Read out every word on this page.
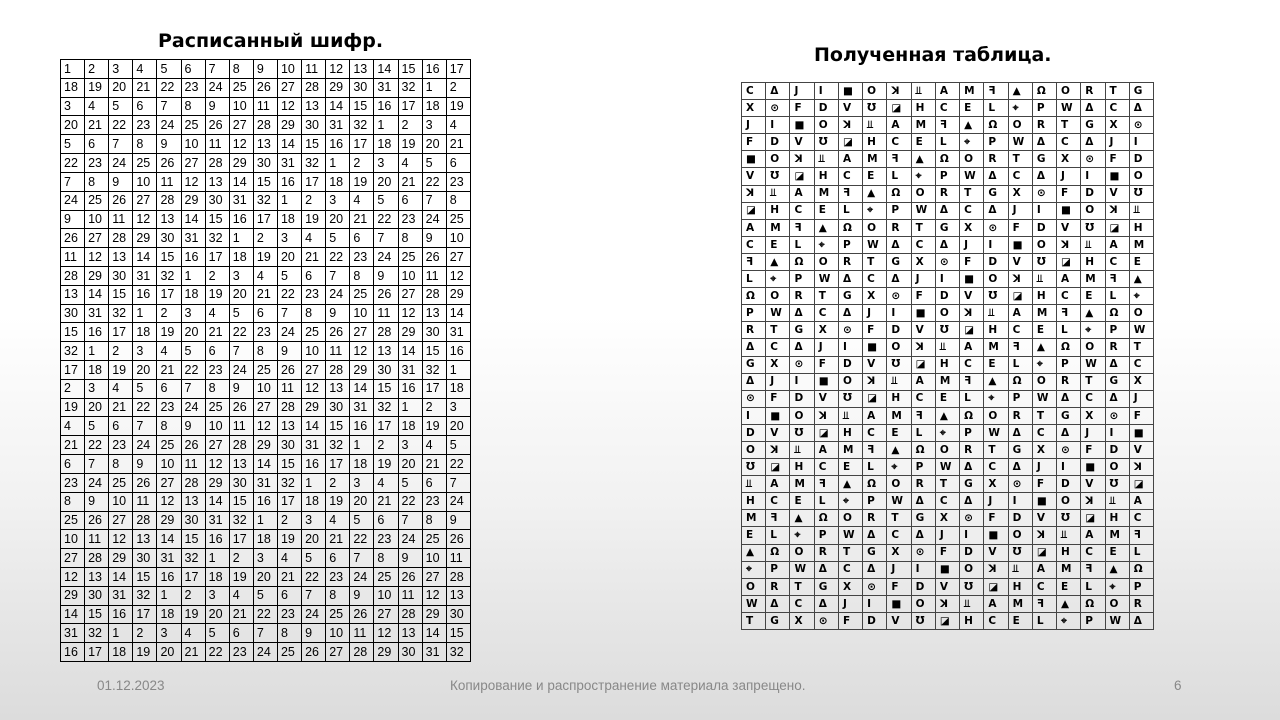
Расписанный шифр.
1	2	3	4	5	6	7	8	9	10	11	12	13	14	15	16	17
18	19	20	21	22	23	24	25	26	27	28	29	30	31	32	1	2
3	4	5	6	7	8	9	10	11	12	13	14	15	16	17	18	19
20	21	22	23	24	25	26	27	28	29	30	31	32	1	2	3	4
5	6	7	8	9	10	11	12	13	14	15	16	17	18	19	20	21
22	23	24	25	26	27	28	29	30	31	32	1	2	3	4	5	6
7	8	9	10	11	12	13	14	15	16	17	18	19	20	21	22	23
24	25	26	27	28	29	30	31	32	1	2	3	4	5	6	7	8
9	10	11	12	13	14	15	16	17	18	19	20	21	22	23	24	25
26	27	28	29	30	31	32	1	2	3	4	5	6	7	8	9	10
11	12	13	14	15	16	17	18	19	20	21	22	23	24	25	26	27
28	29	30	31	32	1	2	3	4	5	6	7	8	9	10	11	12
13	14	15	16	17	18	19	20	21	22	23	24	25	26	27	28	29
30	31	32	1	2	3	4	5	6	7	8	9	10	11	12	13	14
15	16	17	18	19	20	21	22	23	24	25	26	27	28	29	30	31
32	1	2	3	4	5	6	7	8	9	10	11	12	13	14	15	16
17	18	19	20	21	22	23	24	25	26	27	28	29	30	31	32	1
2	3	4	5	6	7	8	9	10	11	12	13	14	15	16	17	18
19	20	21	22	23	24	25	26	27	28	29	30	31	32	1	2	3
4	5	6	7	8	9	10	11	12	13	14	15	16	17	18	19	20
21	22	23	24	25	26	27	28	29	30	31	32	1	2	3	4	5
6	7	8	9	10	11	12	13	14	15	16	17	18	19	20	21	22
23	24	25	26	27	28	29	30	31	32	1	2	3	4	5	6	7
8	9	10	11	12	13	14	15	16	17	18	19	20	21	22	23	24
25	26	27	28	29	30	31	32	1	2	3	4	5	6	7	8	9
10	11	12	13	14	15	16	17	18	19	20	21	22	23	24	25	26
27	28	29	30	31	32	1	2	3	4	5	6	7	8	9	10	11
12	13	14	15	16	17	18	19	20	21	22	23	24	25	26	27	28
29	30	31	32	1	2	3	4	5	6	7	8	9	10	11	12	13
14	15	16	17	18	19	20	21	22	23	24	25	26	27	28	29	30
31	32	1	2	3	4	5	6	7	8	9	10	11	12	13	14	15
16	17	18	19	20	21	22	23	24	25	26	27	28	29	30	31	32
Полученная таблица.
C	Δ	J	I	■	O	ꓘ	⫫	A	M	ꟻ	▲	Ω	O	R	T	G
X	⊙	F	D	V	Ʊ	◪	H	C	E	L	⌖	P	W	Δ	C	Δ
J	I	■	O	ꓘ	⫫	A	M	ꟻ	▲	Ω	O	R	T	G	X	⊙
F	D	V	Ʊ	◪	H	C	E	L	⌖	P	W	Δ	C	Δ	J	I
■	O	ꓘ	⫫	A	M	ꟻ	▲	Ω	O	R	T	G	X	⊙	F	D
V	Ʊ	◪	H	C	E	L	⌖	P	W	Δ	C	Δ	J	I	■	O
ꓘ	⫫	A	M	ꟻ	▲	Ω	O	R	T	G	X	⊙	F	D	V	Ʊ
◪	H	C	E	L	⌖	P	W	Δ	C	Δ	J	I	■	O	ꓘ	⫫
A	M	ꟻ	▲	Ω	O	R	T	G	X	⊙	F	D	V	Ʊ	◪	H
C	E	L	⌖	P	W	Δ	C	Δ	J	I	■	O	ꓘ	⫫	A	M
ꟻ	▲	Ω	O	R	T	G	X	⊙	F	D	V	Ʊ	◪	H	C	E
L	⌖	P	W	Δ	C	Δ	J	I	■	O	ꓘ	⫫	A	M	ꟻ	▲
Ω	O	R	T	G	X	⊙	F	D	V	Ʊ	◪	H	C	E	L	⌖
P	W	Δ	C	Δ	J	I	■	O	ꓘ	⫫	A	M	ꟻ	▲	Ω	O
R	T	G	X	⊙	F	D	V	Ʊ	◪	H	C	E	L	⌖	P	W
Δ	C	Δ	J	I	■	O	ꓘ	⫫	A	M	ꟻ	▲	Ω	O	R	T
G	X	⊙	F	D	V	Ʊ	◪	H	C	E	L	⌖	P	W	Δ	C
Δ	J	I	■	O	ꓘ	⫫	A	M	ꟻ	▲	Ω	O	R	T	G	X
⊙	F	D	V	Ʊ	◪	H	C	E	L	⌖	P	W	Δ	C	Δ	J
I	■	O	ꓘ	⫫	A	M	ꟻ	▲	Ω	O	R	T	G	X	⊙	F
D	V	Ʊ	◪	H	C	E	L	⌖	P	W	Δ	C	Δ	J	I	■
O	ꓘ	⫫	A	M	ꟻ	▲	Ω	O	R	T	G	X	⊙	F	D	V
Ʊ	◪	H	C	E	L	⌖	P	W	Δ	C	Δ	J	I	■	O	ꓘ
⫫	A	M	ꟻ	▲	Ω	O	R	T	G	X	⊙	F	D	V	Ʊ	◪
H	C	E	L	⌖	P	W	Δ	C	Δ	J	I	■	O	ꓘ	⫫	A
M	ꟻ	▲	Ω	O	R	T	G	X	⊙	F	D	V	Ʊ	◪	H	C
E	L	⌖	P	W	Δ	C	Δ	J	I	■	O	ꓘ	⫫	A	M	ꟻ
▲	Ω	O	R	T	G	X	⊙	F	D	V	Ʊ	◪	H	C	E	L
⌖	P	W	Δ	C	Δ	J	I	■	O	ꓘ	⫫	A	M	ꟻ	▲	Ω
O	R	T	G	X	⊙	F	D	V	Ʊ	◪	H	C	E	L	⌖	P
W	Δ	C	Δ	J	I	■	O	ꓘ	⫫	A	M	ꟻ	▲	Ω	O	R
T	G	X	⊙	F	D	V	Ʊ	◪	H	C	E	L	⌖	P	W	Δ
01.12.2023	Копирование и распространение материала запрещено.	6
